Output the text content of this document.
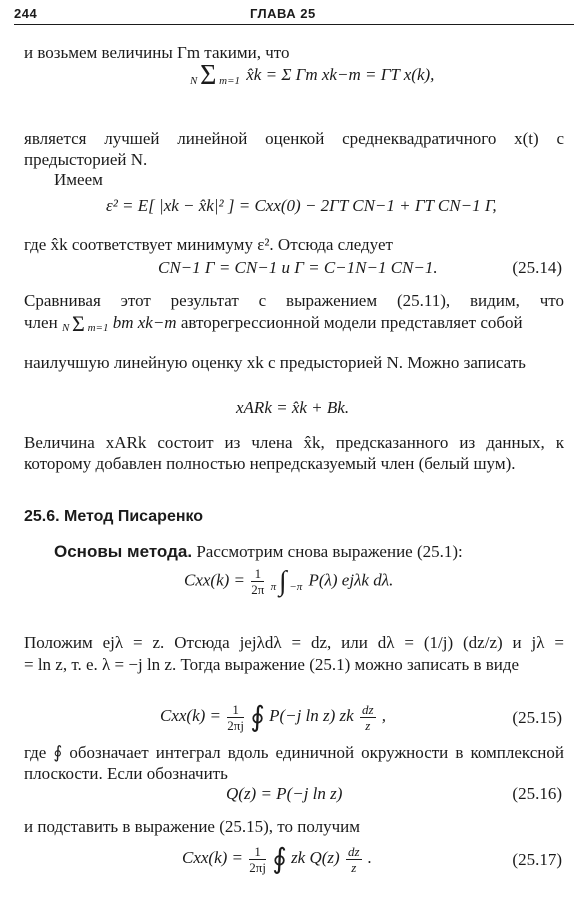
244	ГЛАВА 25
и возьмем величины Γm такими, что
N Σ m=1 x̂k = Σ Γm xk−m = ΓT x(k),
является лучшей линейной оценкой среднеквадратичного x(t) с предысторией N.
Имеем
ε² = E[ |xk − x̂k|² ] = Cxx(0) − 2ΓT CN−1 + ΓT CN−1 Γ,
где x̂k соответствует минимуму ε². Отсюда следует
CN−1 Γ = CN−1 и Γ = C−1N−1 CN−1.	(25.14)
Сравнивая этот результат с выражением (25.11), видим, что
член N Σ m=1 bm xk−m авторегрессионной модели представляет собой
наилучшую линейную оценку xk с предысторией N. Можно записать
xARk = x̂k + Bk.
Величина xARk состоит из члена x̂k, предсказанного из данных, к которому добавлен полностью непредсказуемый член (белый шум).
25.6. Метод Писаренко
Основы метода. Рассмотрим снова выражение (25.1):
$Cxx(k) = \frac{1}{2\pi}$ π ∫ −π P(λ) ejλk dλ.
Положим ejλ = z. Отсюда jejλdλ = dz, или dλ = (1/j) (dz/z) и jλ =
= ln z, т. е. λ = −j ln z. Тогда выражение (25.1) можно записать в виде
$Cxx(k) = \frac{1}{2\pi j}$ ∮ P(−j ln z) zk $\frac{dz}{z}$ ,	(25.15)
где ∮ обозначает интеграл вдоль единичной окружности в комплексной плоскости. Если обозначить
Q(z) = P(−j ln z)	(25.16)
и подставить в выражение (25.15), то получим
$Cxx(k) = \frac{1}{2\pi j}$ ∮ zk $Q(z) \frac{dz}{z}$ .	(25.17)
